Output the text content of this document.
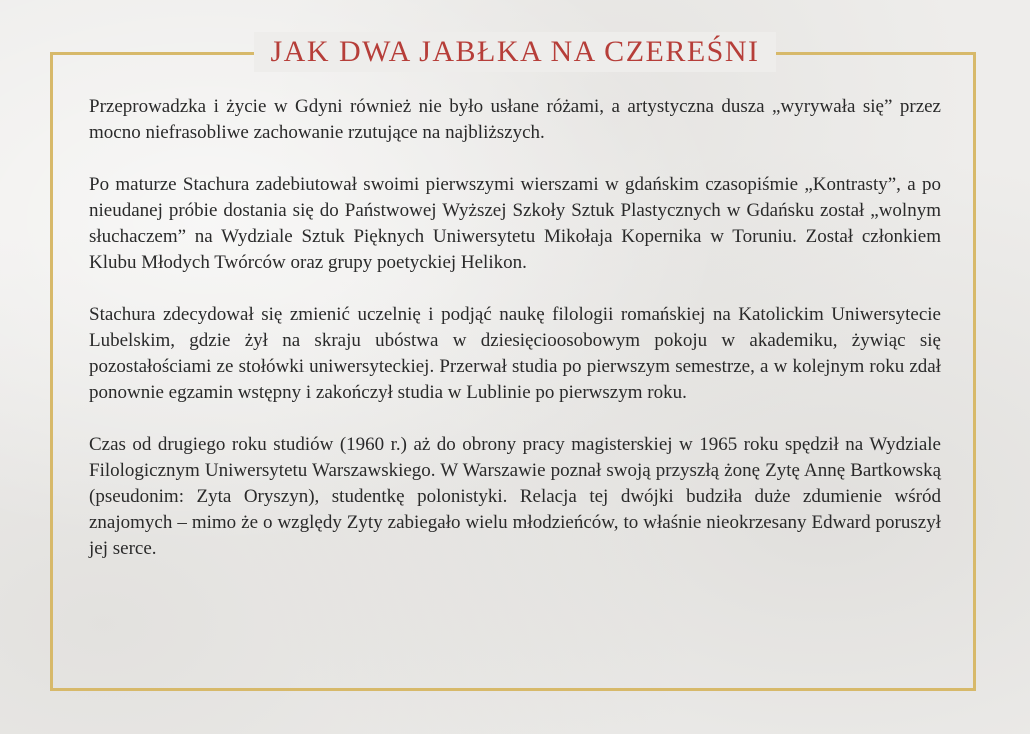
JAK DWA JABŁKA NA CZEREŚNI

Przeprowadzka i życie w Gdyni również nie było usłane różami, a artystyczna dusza „wyrywała się” przez mocno niefrasobliwe zachowanie rzutujące na najbliższych.

Po maturze Stachura zadebiutował swoimi pierwszymi wierszami w gdańskim czasopiśmie „Kontrasty”, a po nieudanej próbie dostania się do Państwowej Wyższej Szkoły Sztuk Plastycznych w Gdańsku został „wolnym słuchaczem” na Wydziale Sztuk Pięknych Uniwersytetu Mikołaja Kopernika w Toruniu. Został członkiem Klubu Młodych Twórców oraz grupy poetyckiej Helikon.

Stachura zdecydował się zmienić uczelnię i podjąć naukę filologii romańskiej na Katolickim Uniwersytecie Lubelskim, gdzie żył na skraju ubóstwa w dziesięcioosobowym pokoju w akademiku, żywiąc się pozostałościami ze stołówki uniwersyteckiej. Przerwał studia po pierwszym semestrze, a w kolejnym roku zdał ponownie egzamin wstępny i zakończył studia w Lublinie po pierwszym roku.

Czas od drugiego roku studiów (1960 r.) aż do obrony pracy magisterskiej w 1965 roku spędził na Wydziale Filologicznym Uniwersytetu Warszawskiego. W Warszawie poznał swoją przyszłą żonę Zytę Annę Bartkowską (pseudonim: Zyta Oryszyn), studentkę polonistyki. Relacja tej dwójki budziła duże zdumienie wśród znajomych – mimo że o względy Zyty zabiegało wielu młodzieńców, to właśnie nieokrzesany Edward poruszył jej serce.
